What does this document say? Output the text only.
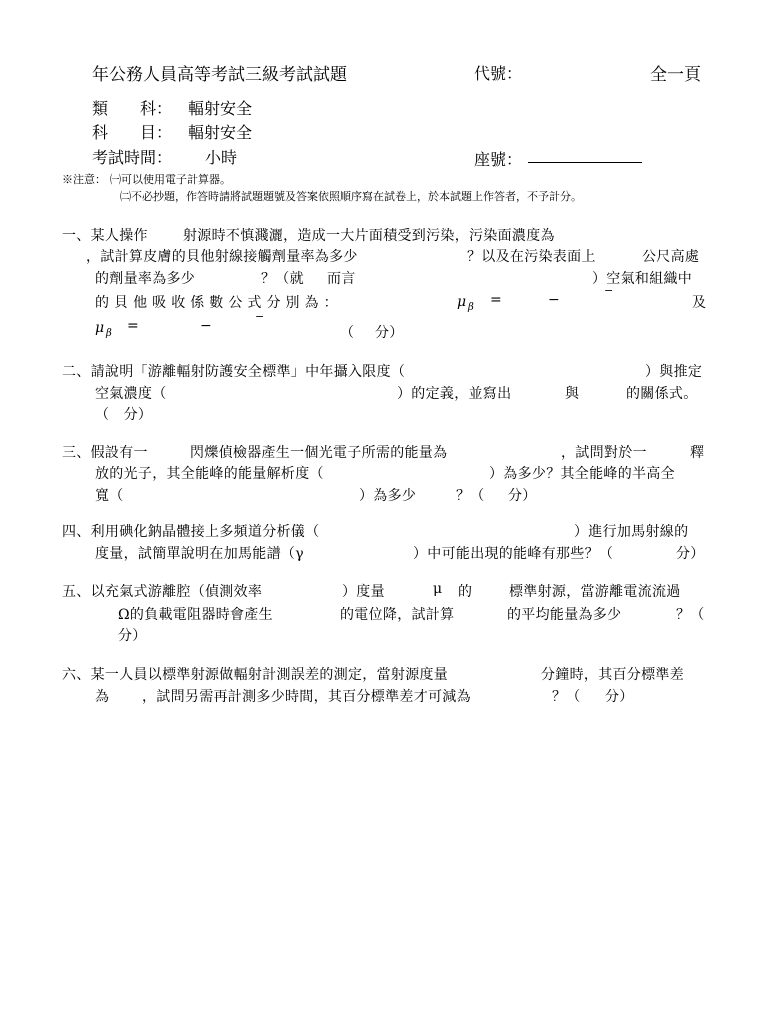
年公務人員高等考試三級考試試題	代號：	全一頁
類　　科： 輻射安全
科　　目： 輻射安全
考試時間： 小時	座號：
※注意： ㈠可以使用電子計算器。
㈡不必抄題，作答時請將試題題號及答案依照順序寫在試卷上，於本試題上作答者，不予計分。
一、某人操作	射源時不慎濺灑，造成一大片面積受到污染，污染面濃度為
，試計算皮膚的貝他射線接觸劑量率為多少	？以及在污染表面上	公尺高處
的劑量率為多少	？（就 而言	）空氣和組織中
的 貝 他 吸 收 係 數 公 式 分 別 為 ：	μ β =	−
−
及
μ β =	−
−
（ 分）
二、請說明「游離輻射防護安全標準」中年攝入限度（	）與推定
空氣濃度（	）的定義，並寫出	與	的關係式。
（　分）
三、假設有一	閃爍偵檢器產生一個光電子所需的能量為	，試問對於一	釋
放的光子，其全能峰的能量解析度（	）為多少？其全能峰的半高全
寬（	）為多少	？（ 分）
四、利用碘化鈉晶體接上多頻道分析儀（	）進行加馬射線的
度量，試簡單說明在加馬能譜（γ	）中可能出現的能峰有那些？（	分）
五、以充氣式游離腔（偵測效率	）度量	μ 的	標準射源，當游離電流流過
Ω的負載電阻器時會產生	的電位降，試計算	的平均能量為多少	？（
分）
六、某一人員以標準射源做輻射計測誤差的測定，當射源度量	分鐘時，其百分標準差
為 ，試問另需再計測多少時間，其百分標準差才可減為	？（ 分）
